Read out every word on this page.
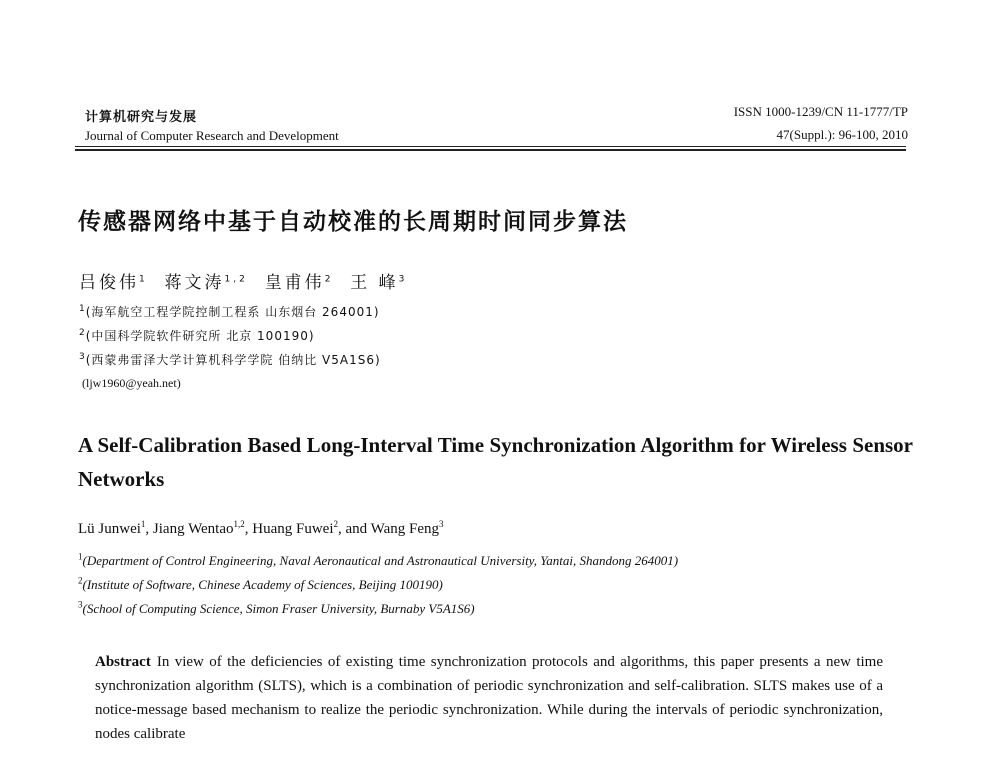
计算机研究与发展
Journal of Computer Research and Development
ISSN 1000-1239/CN 11-1777/TP
47(Suppl.): 96-100, 2010
传感器网络中基于自动校准的长周期时间同步算法
吕俊伟$^1$ 蒋文涛$^{1,2}$ 皇甫伟$^2$ 王 峰$^3$
$^1$(海军航空工程学院控制工程系 山东烟台 264001)
$^2$(中国科学院软件研究所 北京 100190)
$^3$(西蒙弗雷泽大学计算机科学学院 伯纳比 V5A1S6)
(ljw1960@yeah.net)
A Self-Calibration Based Long-Interval Time Synchronization Algorithm for Wireless Sensor Networks
Lü Junwei$^1$, Jiang Wentao$^{1,2}$, Huang Fuwei$^2$, and Wang Feng$^3$
$^1$(Department of Control Engineering, Naval Aeronautical and Astronautical University, Yantai, Shandong 264001)
$^2$(Institute of Software, Chinese Academy of Sciences, Beijing 100190)
$^3$(School of Computing Science, Simon Fraser University, Burnaby V5A1S6)
Abstract In view of the deficiencies of existing time synchronization protocols and algorithms, this paper presents a new time synchronization algorithm (SLTS), which is a combination of periodic synchronization and self-calibration. SLTS makes use of a notice-message based mechanism to realize the periodic synchronization. While during the intervals of periodic synchronization, nodes calibrate
